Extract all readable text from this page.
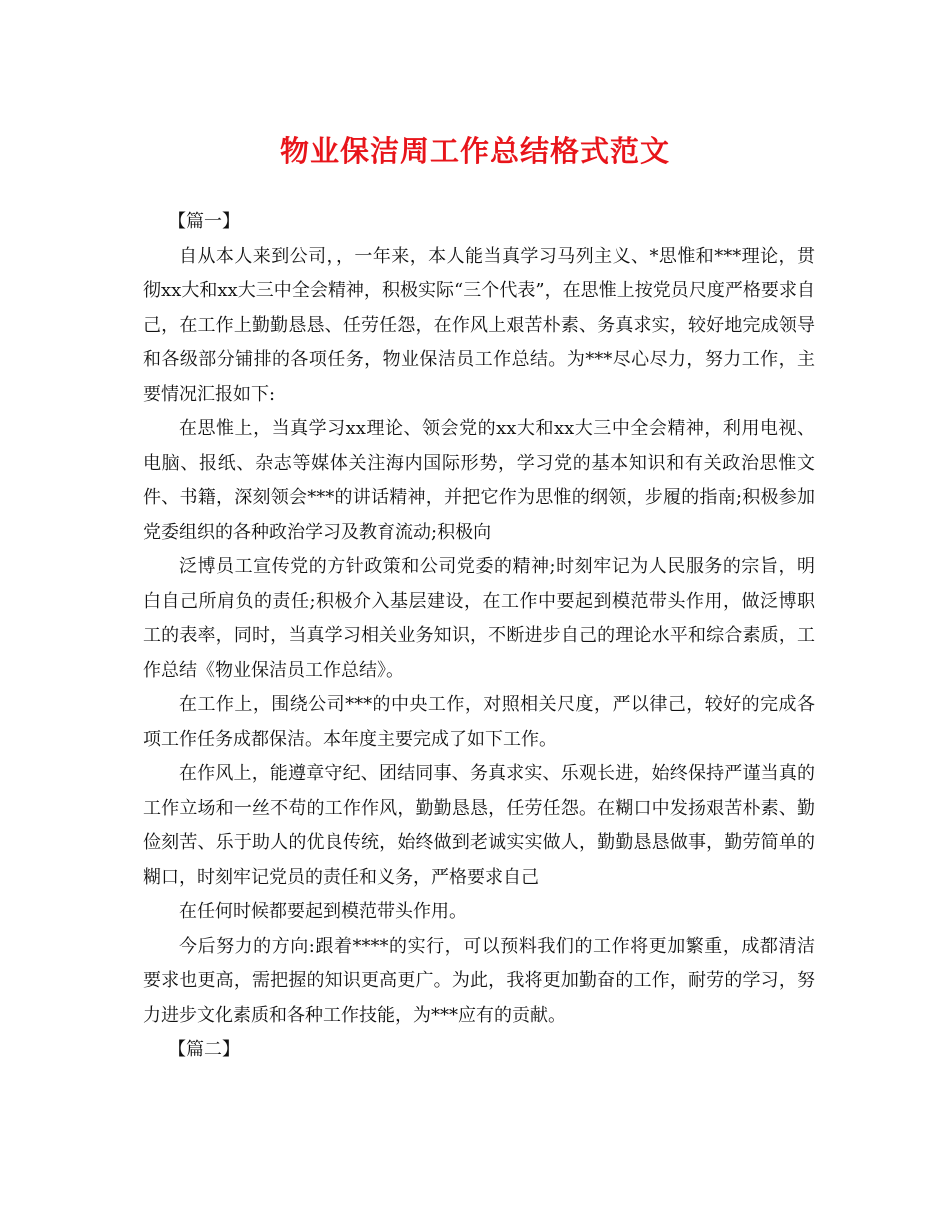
物业保洁周工作总结格式范文

【篇一】

自从本人来到公司，，一年来，本人能当真学习马列主义、*思惟和***理论，贯彻xx大和xx大三中全会精神，积极实际“三个代表”，在思惟上按党员尺度严格要求自己，在工作上勤勤恳恳、任劳任怨，在作风上艰苦朴素、务真求实，较好地完成领导和各级部分铺排的各项任务，物业保洁员工作总结。为***尽心尽力，努力工作，主要情况汇报如下:

在思惟上，当真学习xx理论、领会党的xx大和xx大三中全会精神，利用电视、电脑、报纸、杂志等媒体关注海内国际形势，学习党的基本知识和有关政治思惟文件、书籍，深刻领会***的讲话精神，并把它作为思惟的纲领，步履的指南;积极参加党委组织的各种政治学习及教育流动;积极向

泛博员工宣传党的方针政策和公司党委的精神;时刻牢记为人民服务的宗旨，明白自己所肩负的责任;积极介入基层建设，在工作中要起到模范带头作用，做泛博职工的表率，同时，当真学习相关业务知识，不断进步自己的理论水平和综合素质，工作总结《物业保洁员工作总结》。

在工作上，围绕公司***的中央工作，对照相关尺度，严以律己，较好的完成各项工作任务成都保洁。本年度主要完成了如下工作。

在作风上，能遵章守纪、团结同事、务真求实、乐观长进，始终保持严谨当真的工作立场和一丝不苟的工作作风，勤勤恳恳，任劳任怨。在糊口中发扬艰苦朴素、勤俭刻苦、乐于助人的优良传统，始终做到老诚实实做人，勤勤恳恳做事，勤劳简单的糊口，时刻牢记党员的责任和义务，严格要求自己

在任何时候都要起到模范带头作用。

今后努力的方向:跟着****的实行，可以预料我们的工作将更加繁重，成都清洁要求也更高，需把握的知识更高更广。为此，我将更加勤奋的工作，耐劳的学习，努力进步文化素质和各种工作技能，为***应有的贡献。

【篇二】
